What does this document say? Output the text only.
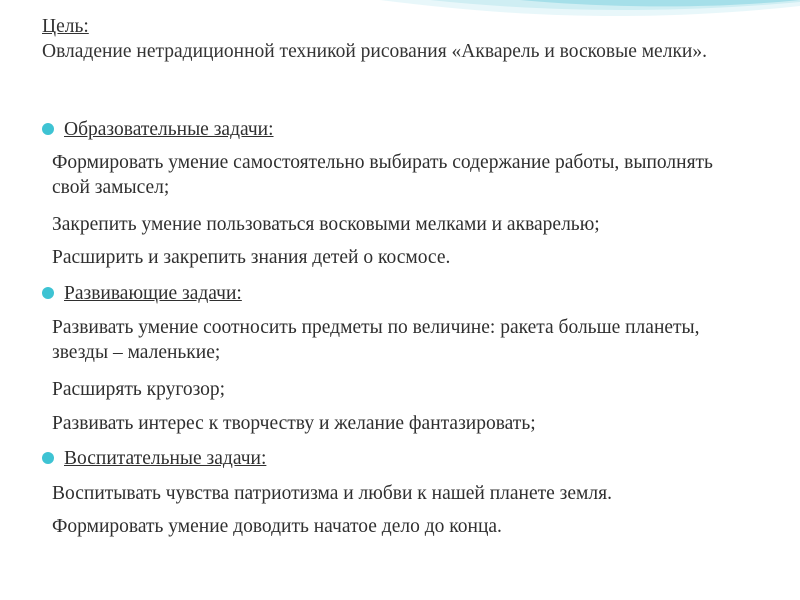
Цель:
Овладение нетрадиционной техникой рисования «Акварель и восковые мелки».
Образовательные задачи:
Формировать умение самостоятельно выбирать содержание работы, выполнять свой замысел;
Закрепить умение пользоваться восковыми мелками и акварелью;
Расширить и закрепить знания детей о космосе.
Развивающие задачи:
Развивать умение соотносить предметы по величине: ракета больше планеты, звезды – маленькие;
Расширять кругозор;
Развивать интерес к творчеству и желание фантазировать;
Воспитательные задачи:
Воспитывать чувства патриотизма и любви к нашей планете земля.
Формировать умение доводить начатое дело до конца.
